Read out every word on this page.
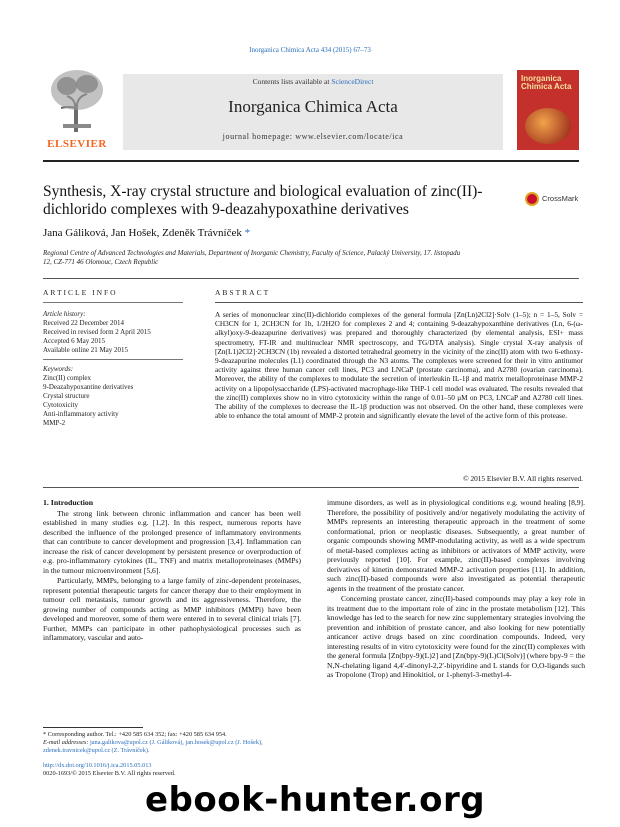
Inorganica Chimica Acta 434 (2015) 67–73
ELSEVIER
Contents lists available at ScienceDirect
Inorganica Chimica Acta
journal homepage: www.elsevier.com/locate/ica
Inorganica Chimica Acta
Synthesis, X-ray crystal structure and biological evaluation of zinc(II)-dichlorido complexes with 9-deazahypoxathine derivatives
CrossMark
Jana Gáliková, Jan Hošek, Zdeněk Trávníček *
Regional Centre of Advanced Technologies and Materials, Department of Inorganic Chemistry, Faculty of Science, Palacký University, 17. listopadu 12, CZ-771 46 Olomouc, Czech Republic
ARTICLE INFO	ABSTRACT
Article history:
Received 22 December 2014
Received in revised form 2 April 2015
Accepted 6 May 2015
Available online 21 May 2015
Keywords:
Zinc(II) complex
9-Deazahypoxantine derivatives
Crystal structure
Cytotoxicity
Anti-inflammatory activity
MMP-2
A series of mononuclear zinc(II)-dichlorido complexes of the general formula [Zn(Ln)2Cl2]·Solv (1–5); n = 1–5, Solv = CH3CN for 1, 2CH3CN for 1b, 1/2H2O for complexes 2 and 4; containing 9-deazahypoxanthine derivatives (Ln, 6-(ω-alkyl)oxy-9-deazapurine derivatives) was prepared and thoroughly characterized (by elemental analysis, ESI+ mass spectrometry, FT-IR and multinuclear NMR spectroscopy, and TG/DTA analysis). Single crystal X-ray analysis of [Zn(L1)2Cl2]·2CH3CN (1b) revealed a distorted tetrahedral geometry in the vicinity of the zinc(II) atom with two 6-ethoxy-9-deazapurine molecules (L1) coordinated through the N3 atoms. The complexes were screened for their in vitro antitumor activity against three human cancer cell lines, PC3 and LNCaP (prostate carcinoma), and A2780 (ovarian carcinoma). Moreover, the ability of the complexes to modulate the secretion of interleukin IL-1β and matrix metalloproteinase MMP-2 activity on a lipopolysaccharide (LPS)-activated macrophage-like THP-1 cell model was evaluated. The results revealed that the zinc(II) complexes show no in vitro cytotoxicity within the range of 0.01–50 μM on PC3, LNCaP and A2780 cell lines. The ability of the complexes to decrease the IL-1β production was not observed. On the other hand, these complexes were able to enhance the total amount of MMP-2 protein and significantly elevate the level of the active form of this protease.
© 2015 Elsevier B.V. All rights reserved.

1. Introduction

The strong link between chronic inflammation and cancer has been well established in many studies e.g. [1,2]. In this respect, numerous reports have described the influence of the prolonged presence of inflammatory environments that can contribute to cancer development and progression [3,4]. Inflammation can increase the risk of cancer development by persistent presence or overproduction of e.g. pro-inflammatory cytokines (IL, TNF) and matrix metalloproteinases (MMPs) in the tumour microenvironment [5,6].

Particularly, MMPs, belonging to a large family of zinc-dependent proteinases, represent potential therapeutic targets for cancer therapy due to their employment in tumour cell metastasis, tumour growth and its aggressiveness. Therefore, the growing number of compounds acting as MMP inhibitors (MMPi) have been developed and moreover, some of them were entered in to several clinical trials [7]. Further, MMPs can participate in other pathophysiological processes such as inflammatory, vascular and auto-

immune disorders, as well as in physiological conditions e.g. wound healing [8,9]. Therefore, the possibility of positively and/or negatively modulating the activity of MMPs represents an interesting therapeutic approach in the treatment of some conformational, prion or neoplastic diseases. Subsequently, a great number of organic compounds showing MMP-modulating activity, as well as a wide spectrum of metal-based complexes acting as inhibitors or activators of MMP activity, were previously reported [10]. For example, zinc(II)-based complexes involving derivatives of kinetin demonstrated MMP-2 activation properties [11]. In addition, such zinc(II)-based compounds were also investigated as potential therapeutic agents in the treatment of the prostate cancer.

Concerning prostate cancer, zinc(II)-based compounds may play a key role in its treatment due to the important role of zinc in the prostate metabolism [12]. This knowledge has led to the search for new zinc supplementary strategies involving the prevention and inhibition of prostate cancer, and also looking for new potentially anticancer active drugs based on zinc coordination compounds. Indeed, very interesting results of in vitro cytotoxicity were found for the zinc(II) complexes with the general formula [Zn(bpy-9)(L)2] and [Zn(bpy-9)(L)Cl(Solv)] (where bpy-9 = the N,N-chelating ligand 4,4′-dinonyl-2,2′-bipyridine and L stands for O,O-ligands such as Tropolone (Trop) and Hinokitiol, or 1-phenyl-3-methyl-4-

* Corresponding author. Tel.: +420 585 634 352; fax: +420 585 634 954.
E-mail addresses: jana.galikova@upol.cz (J. Gáliková), jan.hosek@upol.cz (J. Hošek), zdenek.travnicek@upol.cz (Z. Trávníček).
http://dx.doi.org/10.1016/j.ica.2015.05.013
0020-1693/© 2015 Elsevier B.V. All rights reserved.
ebook-hunter.org
